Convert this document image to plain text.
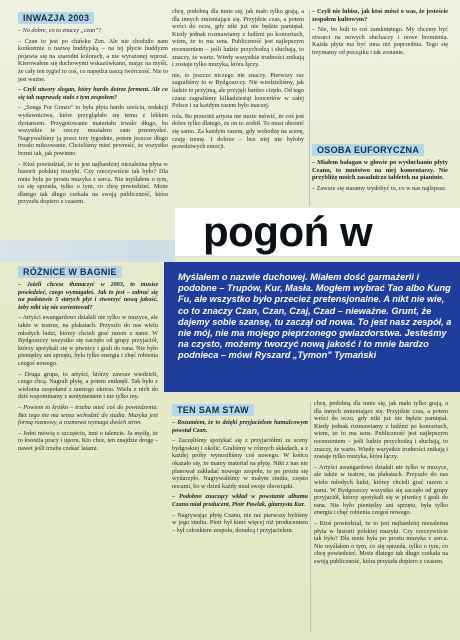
INWAZJA 2003

– No dobre, co to znaczy „czan"?

– Czan to jest po chińsku Zen. Ale nie chodziło nam konkretnie o nazwę buddyjską – na tej płycie buddyzm pojawia się na szarodni kolorach, a nie wyrażonej wprost. Kierowałem się duchowymi wskazówkami, mając na myśli, że cały ten tygiel to coś, co napędza naszą twórczość. Nie to jest ważne.

– Czyli utwory slogan, który hardo dotrze ferment. Ale co się tak naprawdę stało z tym zespołem?

– „Songs For Gonzo" to była płyta hardo sześciu, redakcji wydawnictwa, które przyglądało się temu z lekkim dystansem. Przygotowanie materiału trwało długo, bo wszystkie te rzeczy musiałem sam przemyśleć. Nagrywaliśmy ją przez trzy tygodnie, potem jeszcze długo trwało miksowanie. Chcieliśmy mieć pewność, że wszystko brzmi tak, jak powinno.

– Ktoś powiedział, że to jest najbardziej niezależna płyta w historii polskiej muzyki. Czy rzeczywiście tak było? Dla mnie była po prostu muzyka z serca. Nie myślałem o tym, co się sprzeda, tylko o tym, co chcę powiedzieć. Może dlatego tak długo czekała na swoją publiczność, która przyszła dopiero z czasem.

RÓŻNICE W BAGNIE

– Jeżeli chcesz tłumaczyć w 2003, to musisz powiedzieć, czego wymagałeś. Jak to jest – zabrać się na podstawie 5 starych płyt i stworzyć nową jakość, żeby nikt się nie zorientował?

– Artyści awangardowi działali nie tylko w muzyce, ale także w teatrze, na plakatach. Przyszło do nas wielu młodych ludzi, którzy chcieli grać razem z nami. W Bydgoszczy wszystko się zaczęło od grupy przyjaciół, którzy spotykali się w piwnicy i grali do rana. Nie było pieniędzy ani sprzętu, była tylko energia i chęć robienia czegoś nowego.

– Druga grupa, to artyści, którzy zawsze wiedzieli, czego chcą. Nagrali płytę, a potem zniknęli. Tak było z wieloma zespołami z tamtego okresu. Wielu z nich do dziś wspominamy z sentymentem i nie tylko my.

– Powiem to krótko – trzeba mieć coś do powiedzenia. Bez tego nie ma sensu wchodzić do studia. Muzyka jest formą rozmowy, a rozmowa wymaga dwóch stron.

– Jedni mówią o szczęściu, inni o talencie. Ja myślę, że to kwestia pracy i uporu. Kto chce, ten znajdzie drogę – nawet jeśli trzeba czekać latami.

chcę, podobną dla mnie się, jak mało tylko grają, a dla innych zmieniające się. Przyjdzie czas, a potem wróci do oczu, gdy nikt już nie będzie pamiętał. Kiedy jednak rozmawiamy z ludźmi po koncertach, wiem, że to ma sens. Publiczność jest najlepszym recenzentem – jeśli ludzie przychodzą i słuchają, to znaczy, że warto. Wtedy wszystkie trudności znikają i zostaje tylko muzyka, która łączy.

nie, to jeszcze niczego nie znaczy. Pierwszy raz zagraliśmy to w Bydgoszczy. Nie wiedzieliśmy, jak ludzie to przyjmą, ale przyjęli bardzo ciepło. Od tego czasu zagraliśmy kilkadziesiąt koncertów w całej Polsce i za każdym razem było inaczej.

rola. Bo przecież artysta nie może mówić, że coś jest dobre tylko dlatego, że on to zrobił. To musi obronić się samo. Za każdym razem, gdy wchodzę na scenę, czuję tremę. I dobrze – bez niej nie byłoby prawdziwych emocji.

– Czyli nie lubisz, jak ktoś mówi o was, że jesteście zespołem kultowym?

– Nie, bo kult to coś zamkniętego. My chcemy być otwarci na nowych słuchaczy i nowe brzmienia. Każda płyta ma być inna niż poprzednia. Tego się trzymamy od początku i tak zostanie.

OSOBA EUFORYCZNA

– Miałem bałagan w głowie po wysłuchaniu płyty Czanu, to mnóstwo na niej komentarzy. Nie przybliżę moich zasadniczo tabletek na pianinie.

– Zawsze się staramy wydobyć to, co w nas najlepsze.

pogoń w

Myślałem o nazwie duchowej. Miałem dość garmażerii i podobne – Trupów, Kur, Masła. Mogłem wybrać Tao albo Kung Fu, ale wszystko było przecież pretensjonalne. A nikt nie wie, co to znaczy Czan, Czan, Czaj, Czad – nieważne. Grunt, że dajemy sobie szansę, tu zaczął od nowa. To jest nasz zespół, a nie mój, nie ma mojego pieprzonego gwiazdorstwa. Jesteśmy na czysto, możemy tworzyć nową jakość i to mnie bardzo podnieca – mówi Ryszard „Tymon" Tymański

TEN SAM STAW

– Rozumiem, że to dzięki przyjacielom hamulcowym powstał Czan.

– Zaczęliśmy spotykać się z przyjaciółmi ze sceny bydgoskiej i okolic. Graliśmy w różnych składach, a z każdej próby wynosiliśmy coś nowego. W końcu okazało się, że mamy materiał na płytę. Nikt z nas nie planował zakładać nowego zespołu, to po prostu się wydarzyło. Nagrywaliśmy w małym studiu, często nocami, bo w dzień każdy miał swoje obowiązki.

– Podobno znaczący wkład w powstanie albumu Czanu miał producent, Piotr Pawlak, gitarzysta Kur.

– Nagrywając płytę Czanu, nie raz pierwszy byliśmy w jego studiu. Piotr był kimś więcej niż producentem – był członkiem zespołu, doradcą i przyjacielem.

chcę, podobną dla mnie się, jak mało tylko grają, a dla innych zmieniające się. Przyjdzie czas, a potem wróci do oczu, gdy nikt już nie będzie pamiętał. Kiedy jednak rozmawiamy z ludźmi po koncertach, wiem, że to ma sens. Publiczność jest najlepszym recenzentem – jeśli ludzie przychodzą i słuchają, to znaczy, że warto. Wtedy wszystkie trudności znikają i zostaje tylko muzyka, która łączy.

– Artyści awangardowi działali nie tylko w muzyce, ale także w teatrze, na plakatach. Przyszło do nas wielu młodych ludzi, którzy chcieli grać razem z nami. W Bydgoszczy wszystko się zaczęło od grupy przyjaciół, którzy spotykali się w piwnicy i grali do rana. Nie było pieniędzy ani sprzętu, była tylko energia i chęć robienia czegoś nowego.

– Ktoś powiedział, że to jest najbardziej niezależna płyta w historii polskiej muzyki. Czy rzeczywiście tak było? Dla mnie była po prostu muzyka z serca. Nie myślałem o tym, co się sprzeda, tylko o tym, co chcę powiedzieć. Może dlatego tak długo czekała na swoją publiczność, która przyszła dopiero z czasem.
